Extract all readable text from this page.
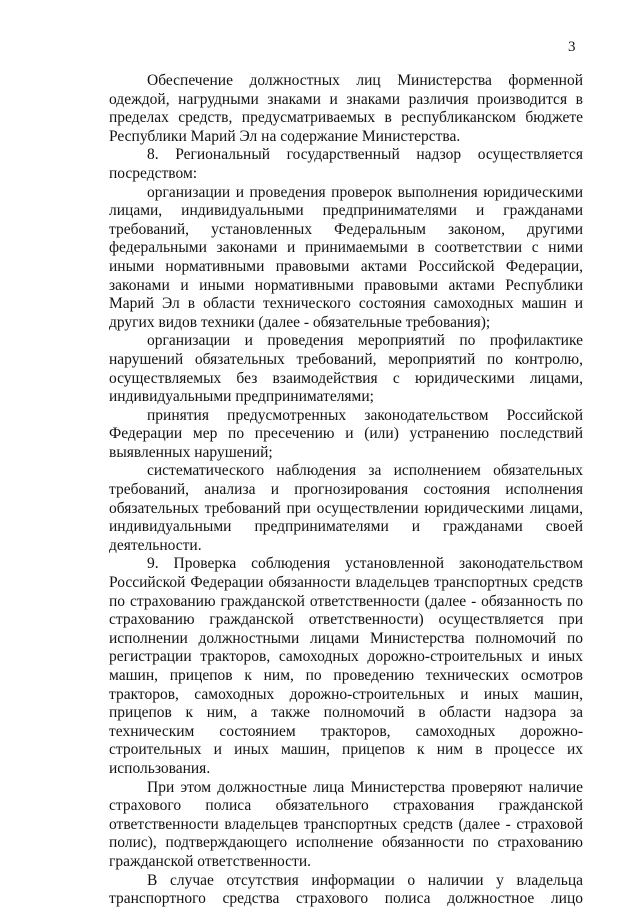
3

Обеспечение должностных лиц Министерства форменной одеждой, нагрудными знаками и знаками различия производится в пределах средств, предусматриваемых в республиканском бюджете Республики Марий Эл на содержание Министерства.

8. Региональный государственный надзор осуществляется посредством:

организации и проведения проверок выполнения юридическими лицами, индивидуальными предпринимателями и гражданами требований, установленных Федеральным законом, другими федеральными законами и принимаемыми в соответствии с ними иными нормативными правовыми актами Российской Федерации, законами и иными нормативными правовыми актами Республики Марий Эл в области технического состояния самоходных машин и других видов техники (далее - обязательные требования);

организации и проведения мероприятий по профилактике нарушений обязательных требований, мероприятий по контролю, осуществляемых без взаимодействия с юридическими лицами, индивидуальными предпринимателями;

принятия предусмотренных законодательством Российской Федерации мер по пресечению и (или) устранению последствий выявленных нарушений;

систематического наблюдения за исполнением обязательных требований, анализа и прогнозирования состояния исполнения обязательных требований при осуществлении юридическими лицами, индивидуальными предпринимателями и гражданами своей деятельности.

9. Проверка соблюдения установленной законодательством Российской Федерации обязанности владельцев транспортных средств по страхованию гражданской ответственности (далее - обязанность по страхованию гражданской ответственности) осуществляется при исполнении должностными лицами Министерства полномочий по регистрации тракторов, самоходных дорожно-строительных и иных машин, прицепов к ним, по проведению технических осмотров тракторов, самоходных дорожно-строительных и иных машин, прицепов к ним, а также полномочий в области надзора за техническим состоянием тракторов, самоходных дорожно-строительных и иных машин, прицепов к ним в процессе их использования.

При этом должностные лица Министерства проверяют наличие страхового полиса обязательного страхования гражданской ответственности владельцев транспортных средств (далее - страховой полис), подтверждающего исполнение обязанности по страхованию гражданской ответственности.

В случае отсутствия информации о наличии у владельца транспортного средства страхового полиса должностное лицо
